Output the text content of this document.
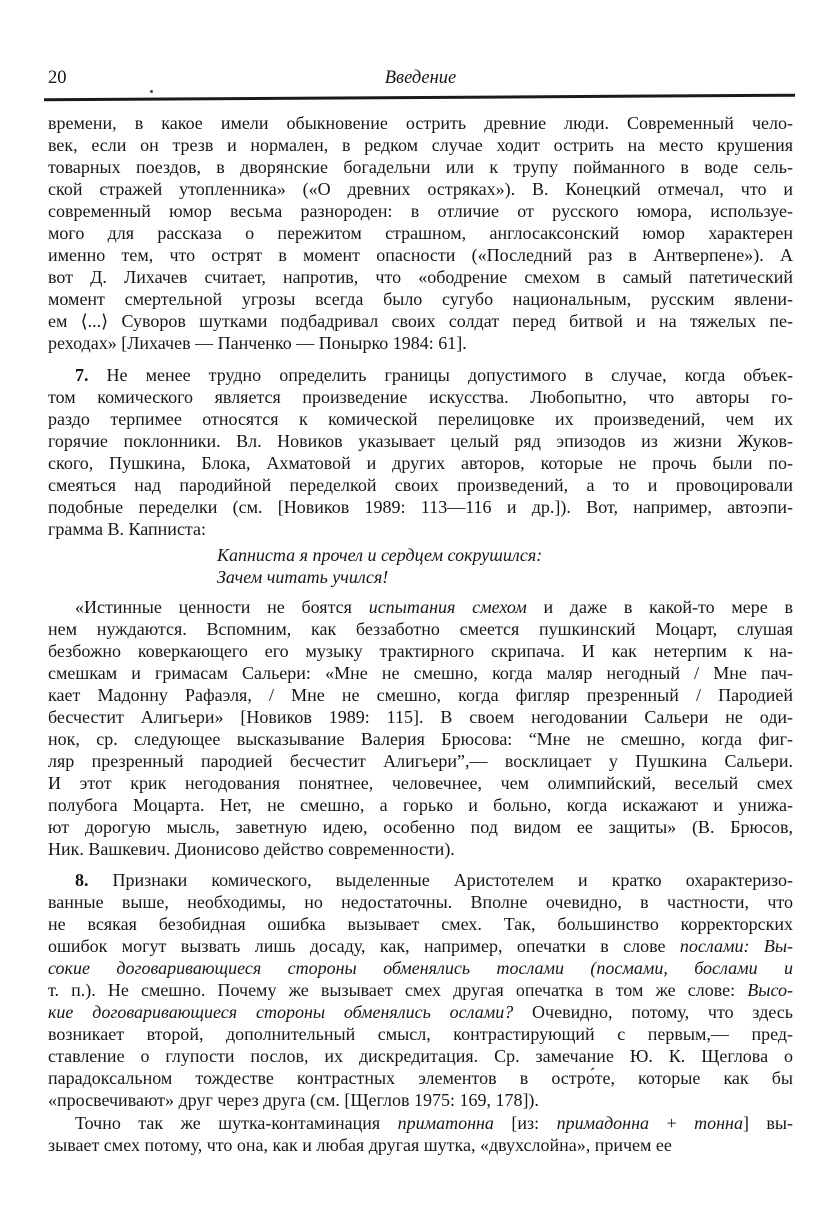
20	Введение
времени, в какое имели обыкновение острить древние люди. Современный чело-
век, если он трезв и нормален, в редком случае ходит острить на место крушения
товарных поездов, в дворянские богадельни или к трупу пойманного в воде сель-
ской стражей утопленника» («О древних остряках»). В. Конецкий отмечал, что и
современный юмор весьма разнороден: в отличие от русского юмора, используе-
мого для рассказа о пережитом страшном, англосаксонский юмор характерен
именно тем, что острят в момент опасности («Последний раз в Антверпене»). А
вот Д. Лихачев считает, напротив, что «ободрение смехом в самый патетический
момент смертельной угрозы всегда было сугубо национальным, русским явлени-
ем ⟨...⟩ Суворов шутками подбадривал своих солдат перед битвой и на тяжелых пе-
реходах» [Лихачев — Панченко — Понырко 1984: 61].
7. Не менее трудно определить границы допустимого в случае, когда объек-
том комического является произведение искусства. Любопытно, что авторы го-
раздо терпимее относятся к комической перелицовке их произведений, чем их
горячие поклонники. Вл. Новиков указывает целый ряд эпизодов из жизни Жуков-
ского, Пушкина, Блока, Ахматовой и других авторов, которые не прочь были по-
смеяться над пародийной переделкой своих произведений, а то и провоцировали
подобные переделки (см. [Новиков 1989: 113—116 и др.]). Вот, например, автоэпи-
грамма В. Капниста:
Капниста я прочел и сердцем сокрушился:
Зачем читать учился!
«Истинные ценности не боятся испытания смехом и даже в какой-то мере в
нем нуждаются. Вспомним, как беззаботно смеется пушкинский Моцарт, слушая
безбожно коверкающего его музыку трактирного скрипача. И как нетерпим к на-
смешкам и гримасам Сальери: «Мне не смешно, когда маляр негодный / Мне пач-
кает Мадонну Рафаэля, / Мне не смешно, когда фигляр презренный / Пародией
бесчестит Алигьери» [Новиков 1989: 115]. В своем негодовании Сальери не оди-
нок, ср. следующее высказывание Валерия Брюсова: “Мне не смешно, когда фиг-
ляр презренный пародией бесчестит Алигьери”,— восклицает у Пушкина Сальери.
И этот крик негодования понятнее, человечнее, чем олимпийский, веселый смех
полубога Моцарта. Нет, не смешно, а горько и больно, когда искажают и унижа-
ют дорогую мысль, заветную идею, особенно под видом ее защиты» (В. Брюсов,
Ник. Вашкевич. Дионисово действо современности).
8. Признаки комического, выделенные Аристотелем и кратко охарактеризо-
ванные выше, необходимы, но недостаточны. Вполне очевидно, в частности, что
не всякая безобидная ошибка вызывает смех. Так, большинство корректорских
ошибок могут вызвать лишь досаду, как, например, опечатки в слове послами: Вы-
сокие договаривающиеся стороны обменялись тослами (посмами, бослами и
т. п.). Не смешно. Почему же вызывает смех другая опечатка в том же слове: Высо-
кие договаривающиеся стороны обменялись ослами? Очевидно, потому, что здесь
возникает второй, дополнительный смысл, контрастирующий с первым,— пред-
ставление о глупости послов, их дискредитация. Ср. замечание Ю. К. Щеглова о
парадоксальном тождестве контрастных элементов в остро́те, которые как бы
«просвечивают» друг через друга (см. [Щеглов 1975: 169, 178]).
Точно так же шутка-контаминация приматонна [из: примадонна + тонна] вы-
зывает смех потому, что она, как и любая другая шутка, «двухслойна», причем ее
